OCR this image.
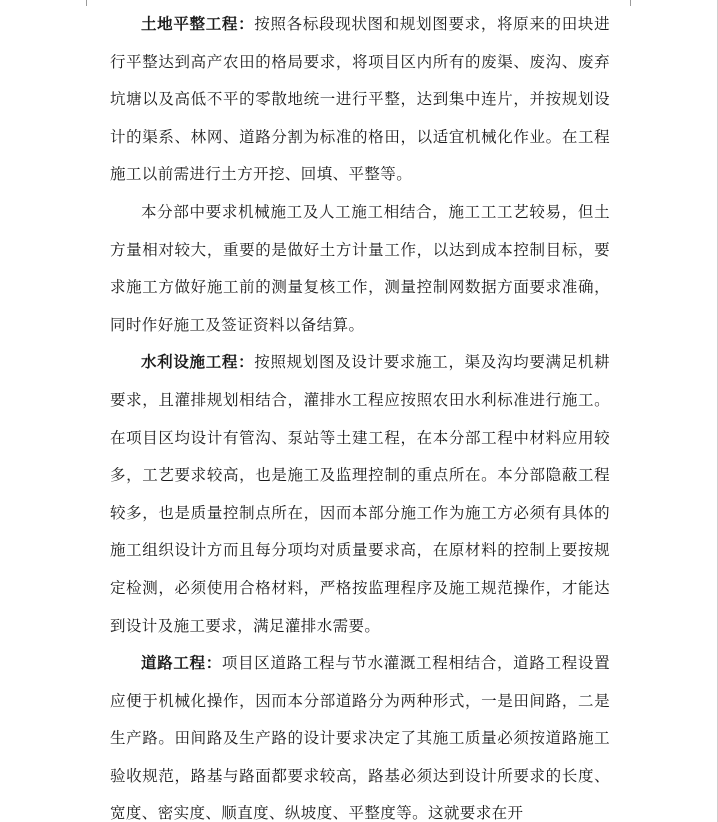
土地平整工程：按照各标段现状图和规划图要求，将原来的田块进行平整达到高产农田的格局要求，将项目区内所有的废渠、废沟、废弃坑塘以及高低不平的零散地统一进行平整，达到集中连片，并按规划设计的渠系、林网、道路分割为标准的格田，以适宜机械化作业。在工程施工以前需进行土方开挖、回填、平整等。

本分部中要求机械施工及人工施工相结合，施工工工艺较易，但土方量相对较大，重要的是做好土方计量工作，以达到成本控制目标，要求施工方做好施工前的测量复核工作，测量控制网数据方面要求准确，同时作好施工及签证资料以备结算。

水利设施工程：按照规划图及设计要求施工，渠及沟均要满足机耕要求，且灌排规划相结合，灌排水工程应按照农田水利标准进行施工。在项目区均设计有管沟、泵站等土建工程，在本分部工程中材料应用较多，工艺要求较高，也是施工及监理控制的重点所在。本分部隐蔽工程较多，也是质量控制点所在，因而本部分施工作为施工方必须有具体的施工组织设计方而且每分项均对质量要求高，在原材料的控制上要按规定检测，必须使用合格材料，严格按监理程序及施工规范操作，才能达到设计及施工要求，满足灌排水需要。

道路工程：项目区道路工程与节水灌溉工程相结合，道路工程设置应便于机械化操作，因而本分部道路分为两种形式，一是田间路，二是生产路。田间路及生产路的设计要求决定了其施工质量必须按道路施工验收规范，路基与路面都要求较高，路基必须达到设计所要求的长度、宽度、密实度、顺直度、纵坡度、平整度等。这就要求在开
